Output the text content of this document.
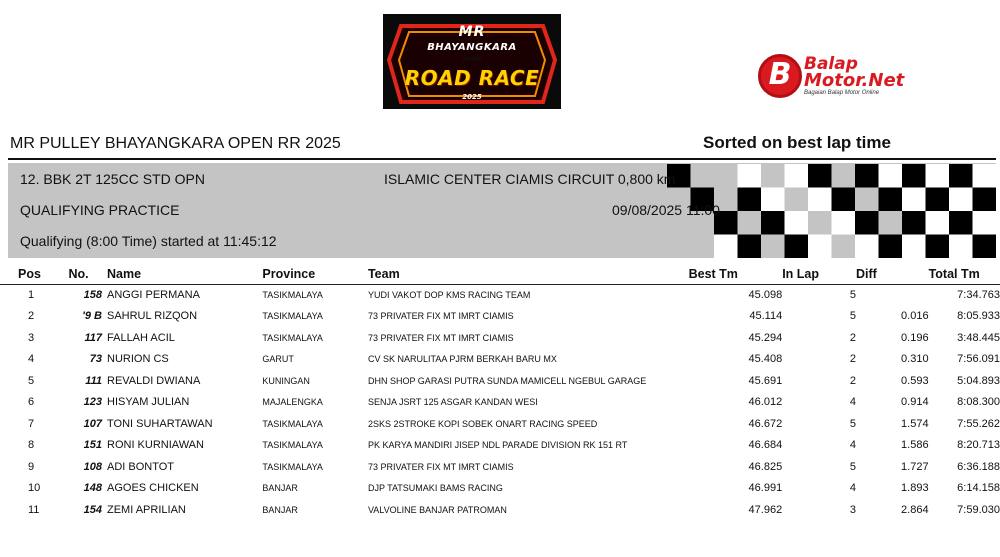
MR
BHAYANGKARA
OPEN
ROAD RACE
2025
B Balap
Motor.Net
Bagaian Balap Motor Online
MR PULLEY BHAYANGKARA OPEN RR 2025	Sorted on best lap time
12. BBK 2T 125CC STD OPN	ISLAMIC CENTER CIAMIS CIRCUIT 0,800 km
QUALIFYING PRACTICE	09/08/2025 11:00
Qualifying (8:00 Time) started at 11:45:12
Pos	No.	Name	Province	Team	Best Tm	In Lap	Diff	Total Tm
1	158	ANGGI PERMANA	TASIKMALAYA	YUDI VAKOT DOP KMS RACING TEAM	45.098	5		7:34.763
2	'9 B	SAHRUL RIZQON	TASIKMALAYA	73 PRIVATER FIX MT IMRT CIAMIS	45.114	5	0.016	8:05.933
3	117	FALLAH ACIL	TASIKMALAYA	73 PRIVATER FIX MT IMRT CIAMIS	45.294	2	0.196	3:48.445
4	73	NURION CS	GARUT	CV SK NARULITAA PJRM BERKAH BARU MX	45.408	2	0.310	7:56.091
5	111	REVALDI DWIANA	KUNINGAN	DHN SHOP GARASI PUTRA SUNDA MAMICELL NGEBUL GARAGE	45.691	2	0.593	5:04.893
6	123	HISYAM JULIAN	MAJALENGKA	SENJA JSRT 125 ASGAR KANDAN WESI	46.012	4	0.914	8:08.300
7	107	TONI SUHARTAWAN	TASIKMALAYA	2SKS 2STROKE KOPI SOBEK ONART RACING SPEED	46.672	5	1.574	7:55.262
8	151	RONI KURNIAWAN	TASIKMALAYA	PK KARYA MANDIRI JISEP NDL PARADE DIVISION RK 151 RT	46.684	4	1.586	8:20.713
9	108	ADI BONTOT	TASIKMALAYA	73 PRIVATER FIX MT IMRT CIAMIS	46.825	5	1.727	6:36.188
10	148	AGOES CHICKEN	BANJAR	DJP TATSUMAKI BAMS RACING	46.991	4	1.893	6:14.158
11	154	ZEMI APRILIAN	BANJAR	VALVOLINE BANJAR PATROMAN	47.962	3	2.864	7:59.030
